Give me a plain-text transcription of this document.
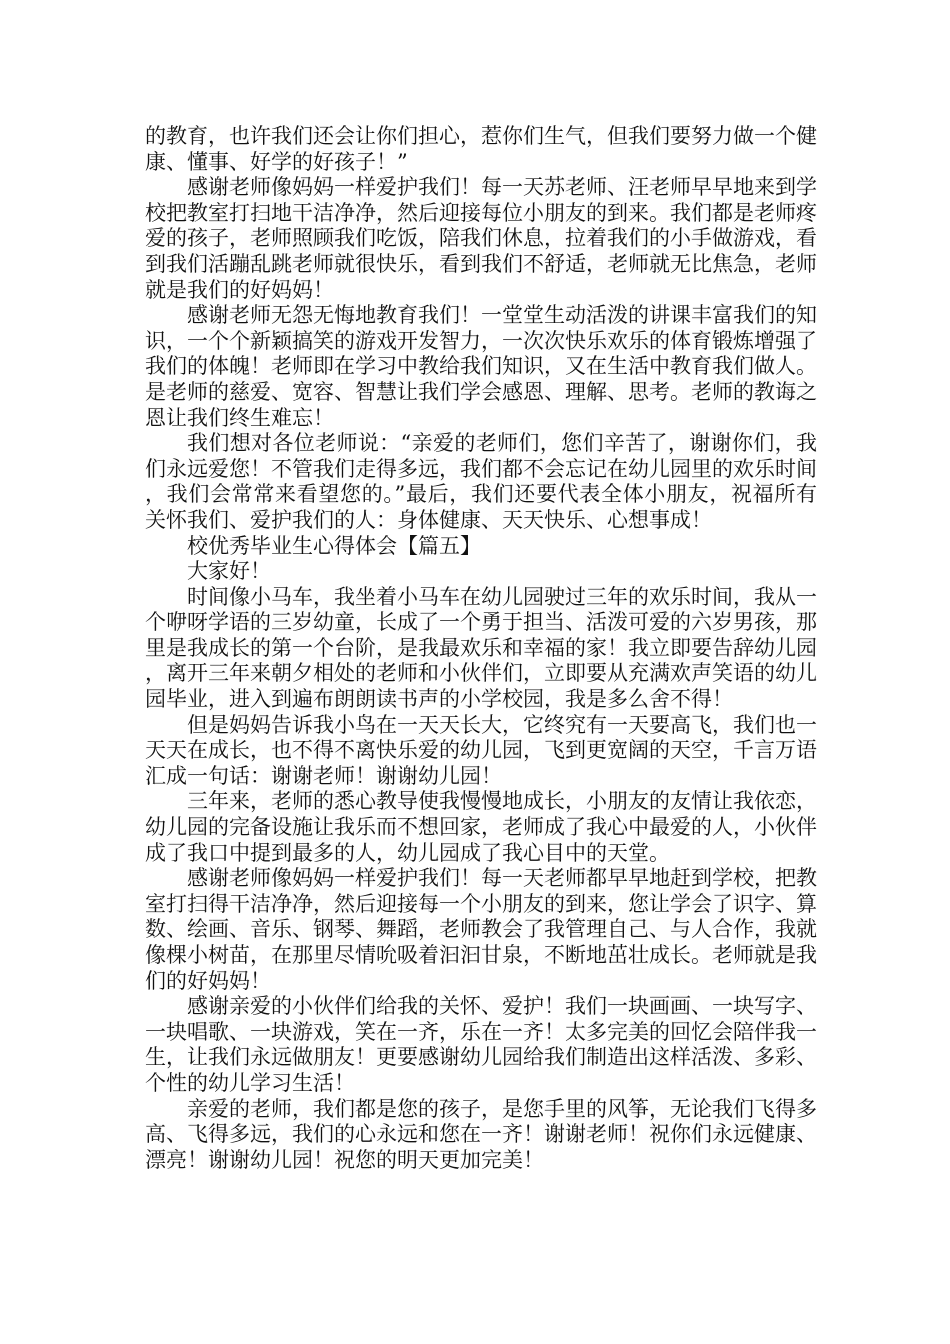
的教育，也许我们还会让你们担心，惹你们生气，但我们要努力做一个健康、懂事、好学的好孩子！”

感谢老师像妈妈一样爱护我们！每一天苏老师、汪老师早早地来到学校把教室打扫地干洁净净，然后迎接每位小朋友的到来。我们都是老师疼爱的孩子，老师照顾我们吃饭，陪我们休息，拉着我们的小手做游戏，看到我们活蹦乱跳老师就很快乐，看到我们不舒适，老师就无比焦急，老师就是我们的好妈妈！

感谢老师无怨无悔地教育我们！一堂堂生动活泼的讲课丰富我们的知识，一个个新颖搞笑的游戏开发智力，一次次快乐欢乐的体育锻炼增强了我们的体魄！老师即在学习中教给我们知识，又在生活中教育我们做人。是老师的慈爱、宽容、智慧让我们学会感恩、理解、思考。老师的教诲之恩让我们终生难忘！

我们想对各位老师说：“亲爱的老师们，您们辛苦了，谢谢你们，我们永远爱您！不管我们走得多远，我们都不会忘记在幼儿园里的欢乐时间，我们会常常来看望您的。”最后，我们还要代表全体小朋友，祝福所有关怀我们、爱护我们的人：身体健康、天天快乐、心想事成！

校优秀毕业生心得体会【篇五】

大家好！

时间像小马车，我坐着小马车在幼儿园驶过三年的欢乐时间，我从一个咿呀学语的三岁幼童，长成了一个勇于担当、活泼可爱的六岁男孩，那里是我成长的第一个台阶，是我最欢乐和幸福的家！我立即要告辞幼儿园，离开三年来朝夕相处的老师和小伙伴们，立即要从充满欢声笑语的幼儿园毕业，进入到遍布朗朗读书声的小学校园，我是多么舍不得！

但是妈妈告诉我小鸟在一天天长大，它终究有一天要高飞，我们也一天天在成长，也不得不离快乐爱的幼儿园，飞到更宽阔的天空，千言万语汇成一句话：谢谢老师！谢谢幼儿园！

三年来，老师的悉心教导使我慢慢地成长，小朋友的友情让我依恋，幼儿园的完备设施让我乐而不想回家，老师成了我心中最爱的人，小伙伴成了我口中提到最多的人，幼儿园成了我心目中的天堂。

感谢老师像妈妈一样爱护我们！每一天老师都早早地赶到学校，把教室打扫得干洁净净，然后迎接每一个小朋友的到来，您让学会了识字、算数、绘画、音乐、钢琴、舞蹈，老师教会了我管理自己、与人合作，我就像棵小树苗，在那里尽情吮吸着汩汩甘泉，不断地茁壮成长。老师就是我们的好妈妈！

感谢亲爱的小伙伴们给我的关怀、爱护！我们一块画画、一块写字、一块唱歌、一块游戏，笑在一齐，乐在一齐！太多完美的回忆会陪伴我一生，让我们永远做朋友！更要感谢幼儿园给我们制造出这样活泼、多彩、个性的幼儿学习生活！

亲爱的老师，我们都是您的孩子，是您手里的风筝，无论我们飞得多高、飞得多远，我们的心永远和您在一齐！谢谢老师！祝你们永远健康、漂亮！谢谢幼儿园！祝您的明天更加完美！
